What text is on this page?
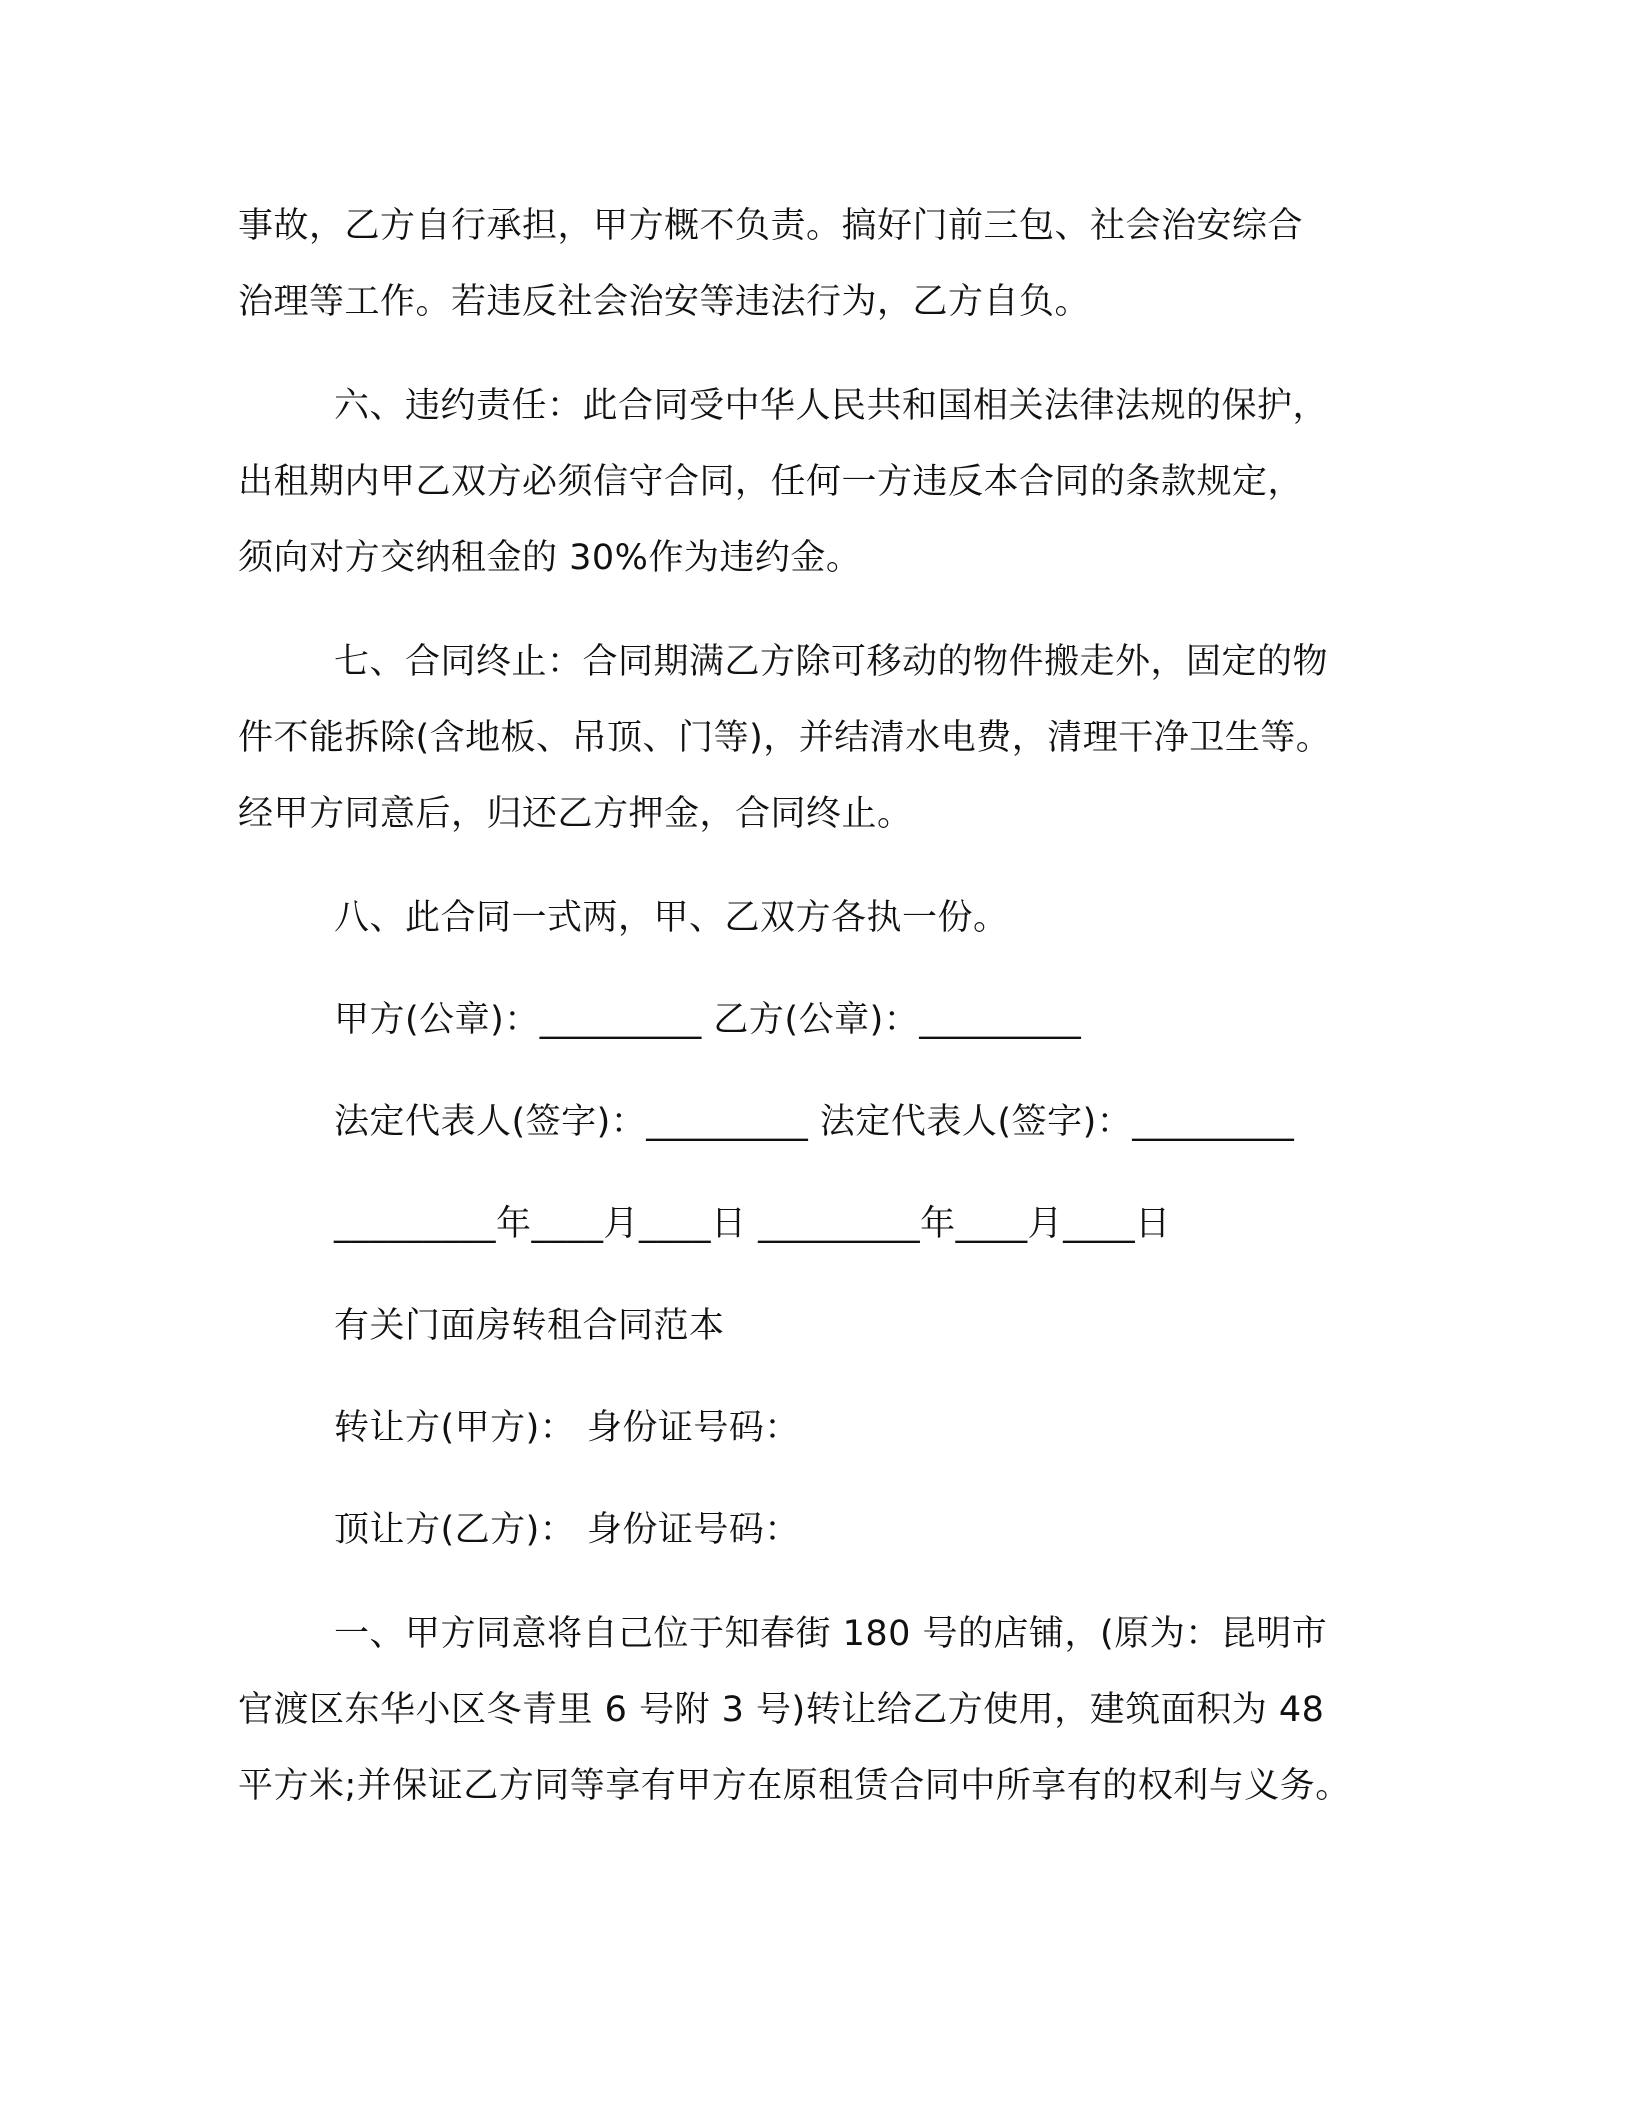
事故，乙方自行承担，甲方概不负责。搞好门前三包、社会治安综合

治理等工作。若违反社会治安等违法行为，乙方自负。

六、违约责任：此合同受中华人民共和国相关法律法规的保护，

出租期内甲乙双方必须信守合同，任何一方违反本合同的条款规定，

须向对方交纳租金的 30%作为违约金。

七、合同终止：合同期满乙方除可移动的物件搬走外，固定的物

件不能拆除(含地板、吊顶、门等)，并结清水电费，清理干净卫生等。

经甲方同意后，归还乙方押金，合同终止。

八、此合同一式两，甲、乙双方各执一份。

甲方(公章)：_________ 乙方(公章)：_________

法定代表人(签字)：_________ 法定代表人(签字)：_________

_________年____月____日 _________年____月____日

有关门面房转租合同范本

转让方(甲方)： 身份证号码：

顶让方(乙方)： 身份证号码：

一、甲方同意将自己位于知春街 180 号的店铺，(原为：昆明市

官渡区东华小区冬青里 6 号附 3 号)转让给乙方使用，建筑面积为 48

平方米;并保证乙方同等享有甲方在原租赁合同中所享有的权利与义务。
